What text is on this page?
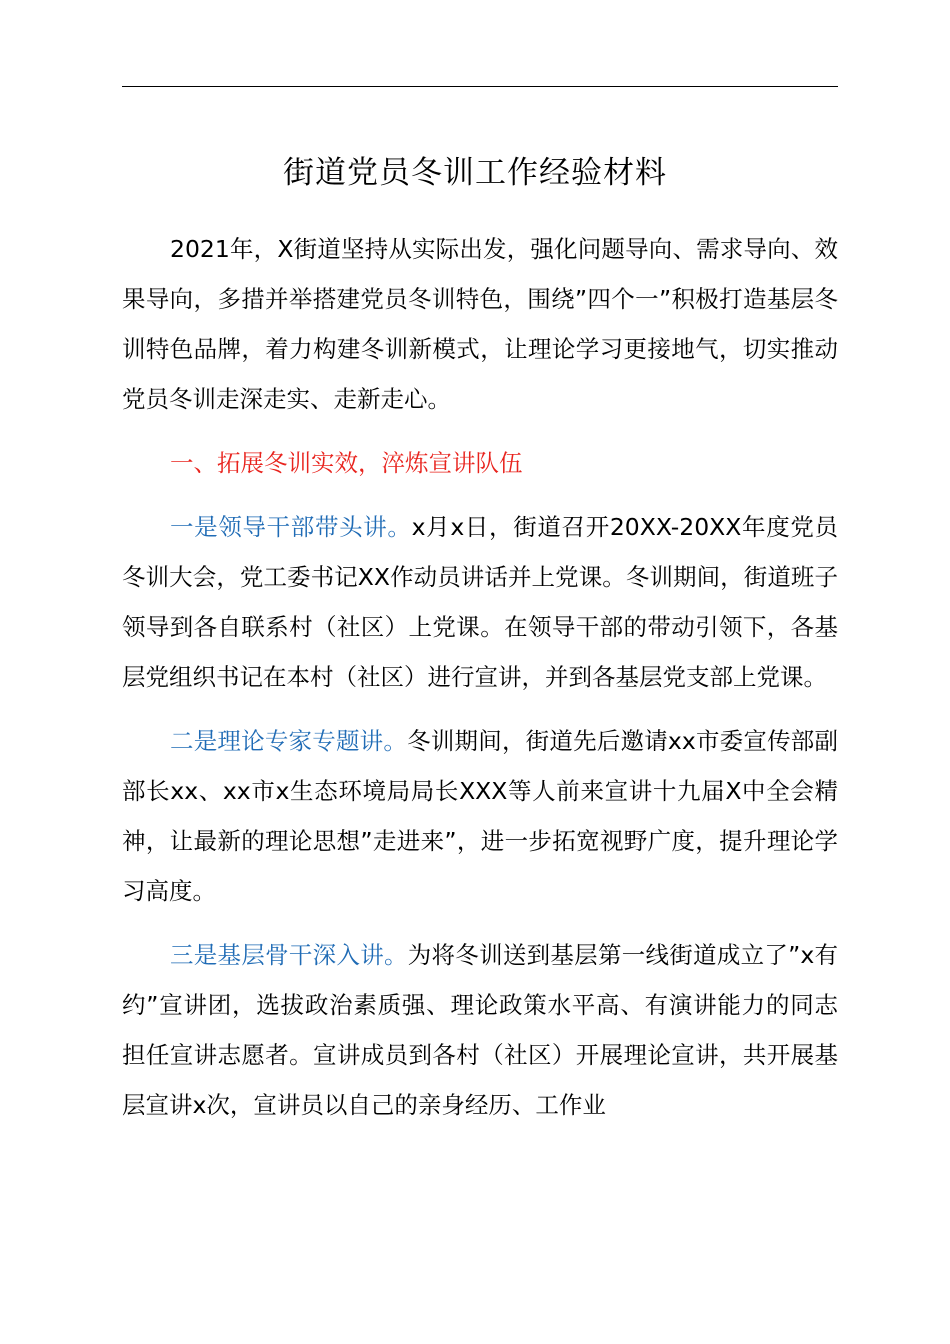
街道党员冬训工作经验材料

2021年，X街道坚持从实际出发，强化问题导向、需求导向、效果导向，多措并举搭建党员冬训特色，围绕”四个一”积极打造基层冬训特色品牌，着力构建冬训新模式，让理论学习更接地气，切实推动党员冬训走深走实、走新走心。

一、拓展冬训实效，淬炼宣讲队伍

一是领导干部带头讲。x月x日，街道召开20XX-20XX年度党员冬训大会，党工委书记XX作动员讲话并上党课。冬训期间，街道班子领导到各自联系村（社区）上党课。在领导干部的带动引领下，各基层党组织书记在本村（社区）进行宣讲，并到各基层党支部上党课。

二是理论专家专题讲。冬训期间，街道先后邀请xx市委宣传部副部长xx、xx市x生态环境局局长XXX等人前来宣讲十九届X中全会精神，让最新的理论思想”走进来”，进一步拓宽视野广度，提升理论学习高度。

三是基层骨干深入讲。为将冬训送到基层第一线街道成立了”x有约”宣讲团，选拔政治素质强、理论政策水平高、有演讲能力的同志担任宣讲志愿者。宣讲成员到各村（社区）开展理论宣讲，共开展基层宣讲x次，宣讲员以自己的亲身经历、工作业
